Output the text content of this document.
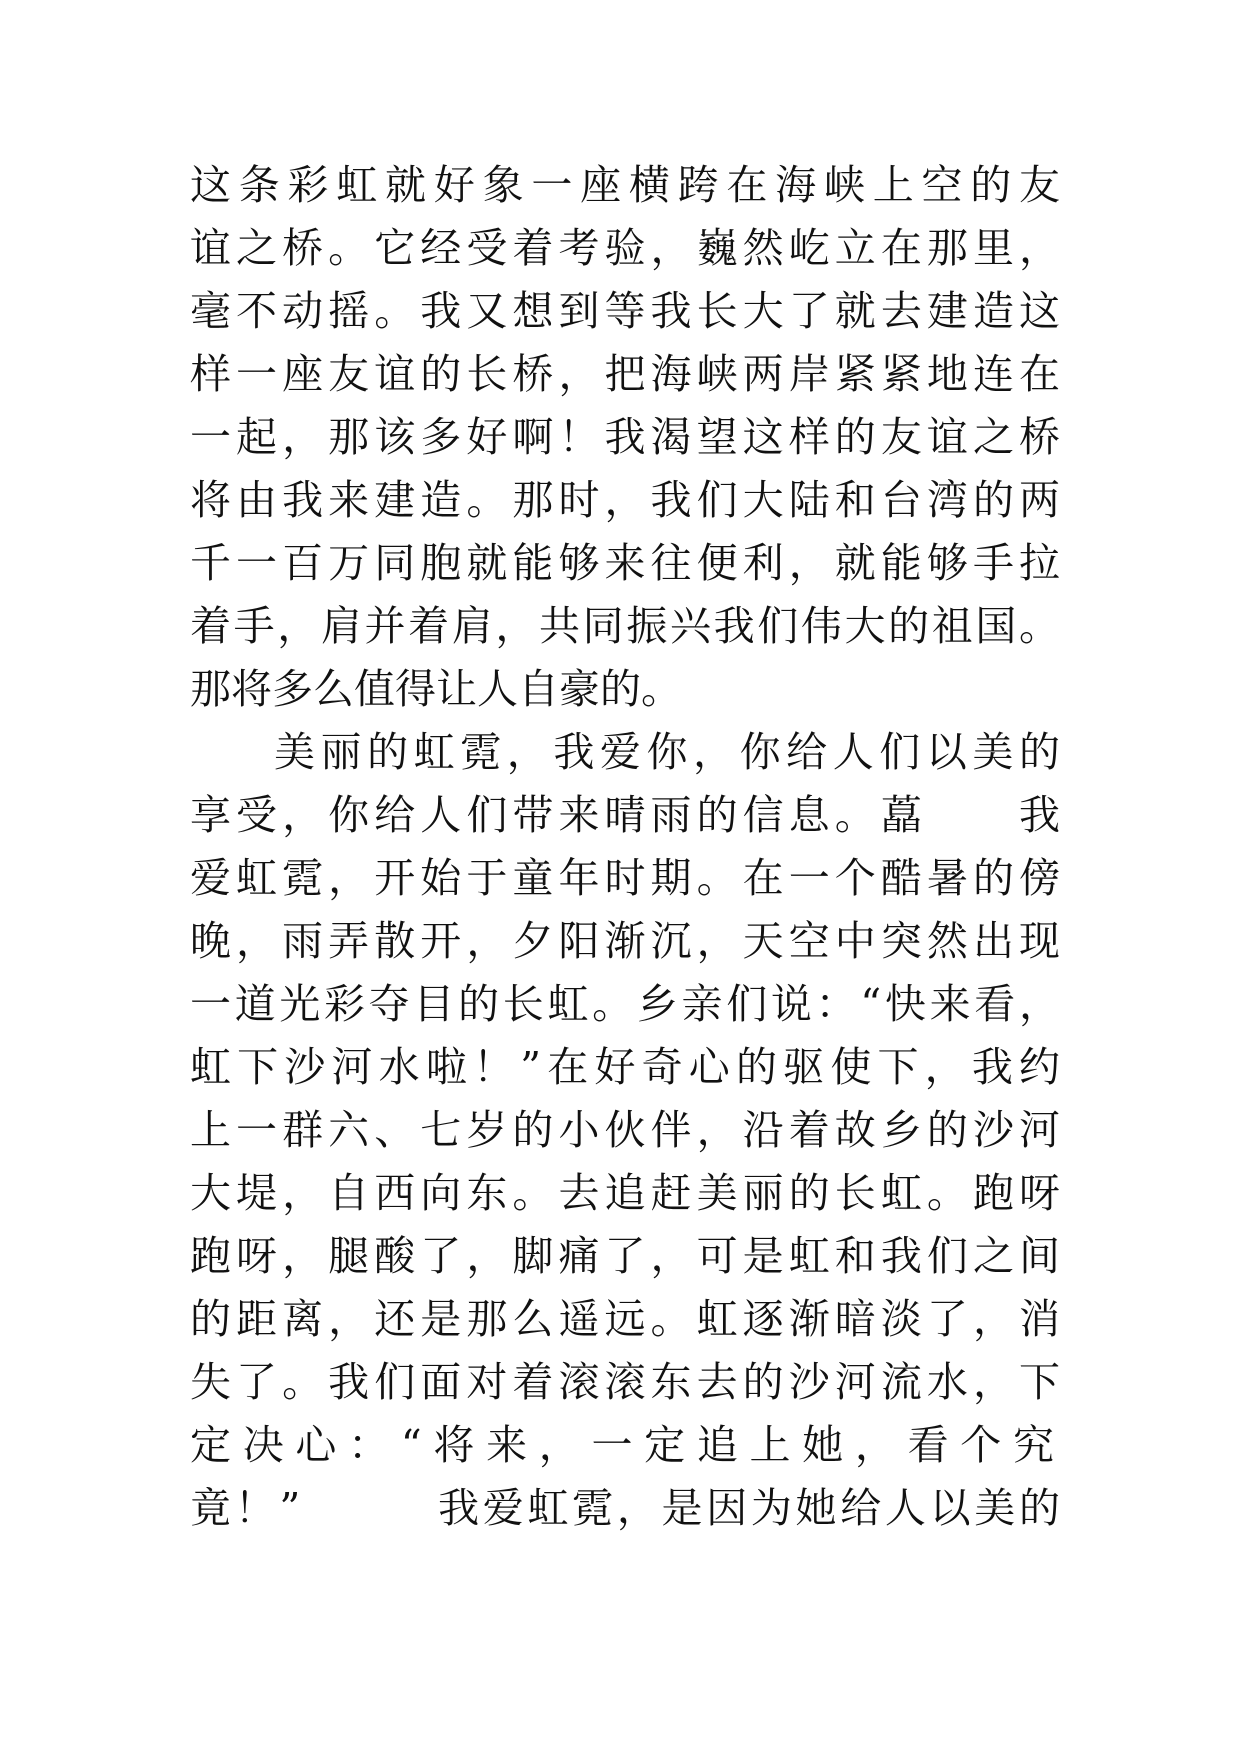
这条彩虹就好象一座横跨在海峡上空的友
谊之桥。它经受着考验，巍然屹立在那里，
毫不动摇。我又想到等我长大了就去建造这
样一座友谊的长桥，把海峡两岸紧紧地连在
一起，那该多好啊！我渴望这样的友谊之桥
将由我来建造。那时，我们大陆和台湾的两
千一百万同胞就能够来往便利，就能够手拉
着手，肩并着肩，共同振兴我们伟大的祖国。
那将多么值得让人自豪的。
美丽的虹霓，我爱你，你给人们以美的
享受，你给人们带来晴雨的信息。藠　　我
爱虹霓，开始于童年时期。在一个酷暑的傍
晚，雨弄散开，夕阳渐沉，天空中突然出现
一道光彩夺目的长虹。乡亲们说：“快来看，
虹下沙河水啦！”在好奇心的驱使下，我约
上一群六、七岁的小伙伴，沿着故乡的沙河
大堤，自西向东。去追赶美丽的长虹。跑呀
跑呀，腿酸了，脚痛了，可是虹和我们之间
的距离，还是那么遥远。虹逐渐暗淡了，消
失了。我们面对着滚滚东去的沙河流水，下
定决心：“将来，一定追上她，看个究
竟！”　　　我爱虹霓，是因为她给人以美的
